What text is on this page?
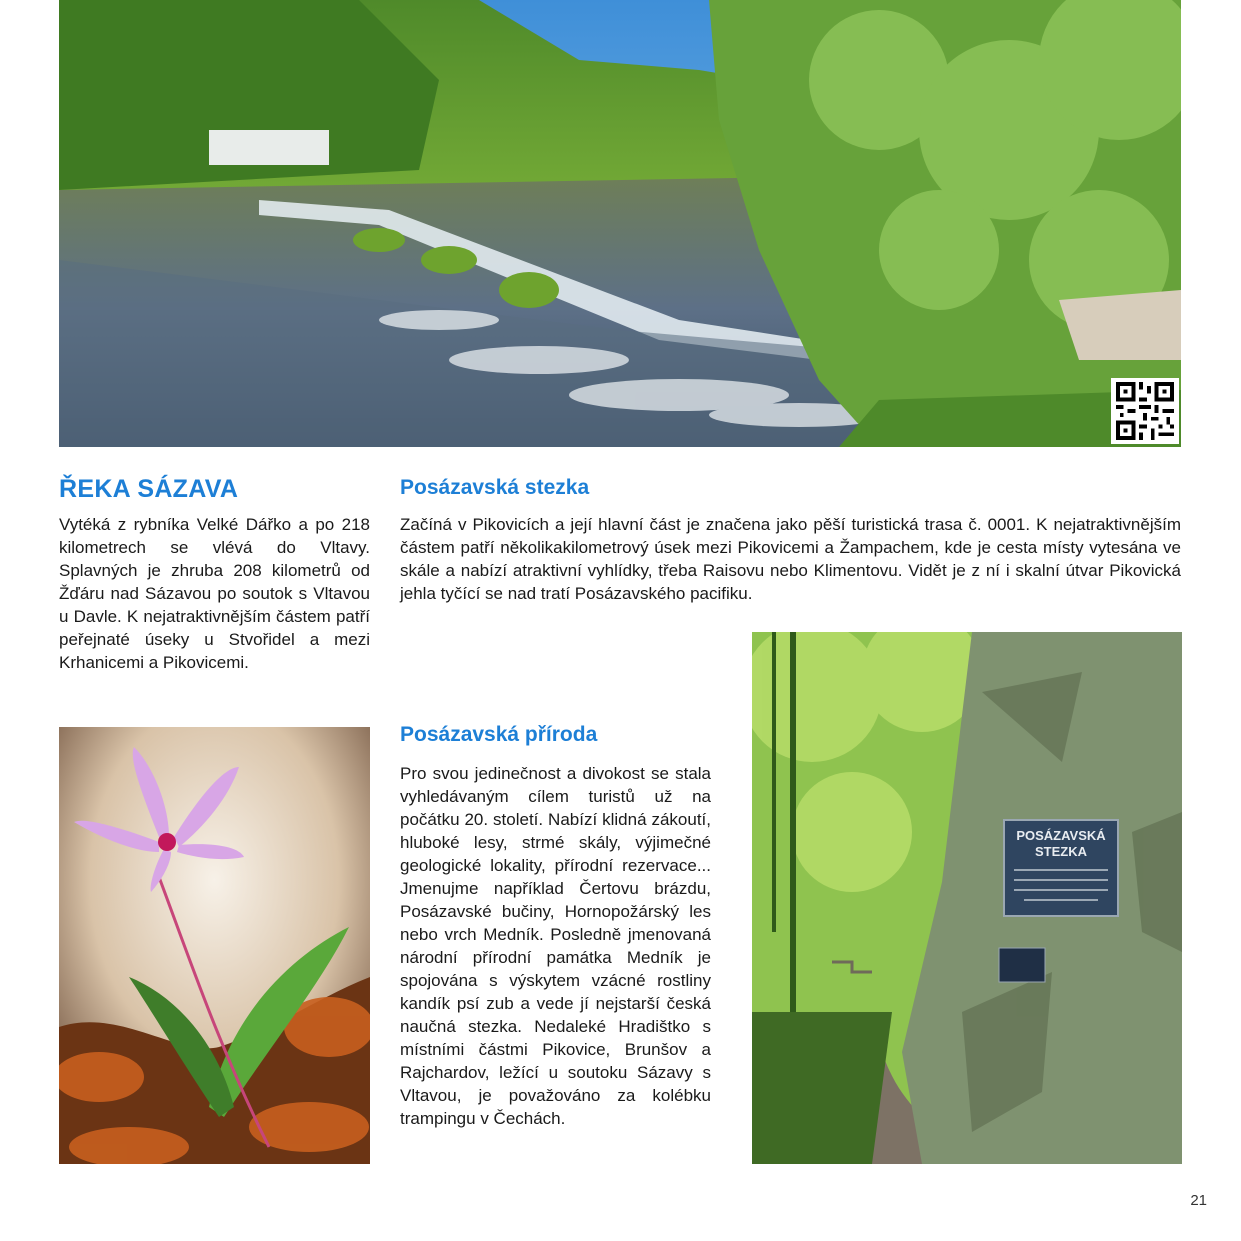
ŘEKA SÁZAVA

Vytéká z rybníka Velké Dářko a po 218 kilometrech se vlévá do Vltavy. Splavných je zhruba 208 kilometrů od Žďáru nad Sázavou po soutok s Vltavou u Davle. K nejatraktivnějším částem patří peřejnaté úseky u Stvořidel a mezi Krhanicemi a Pikovicemi.

Posázavská stezka

Začíná v Pikovicích a její hlavní část je značena jako pěší turistická trasa č. 0001. K nejatraktivnějším částem patří několikakilometrový úsek mezi Pikovicemi a Žampachem, kde je cesta místy vytesána ve skále a nabízí atraktivní vyhlídky, třeba Raisovu nebo Klimentovu. Vidět je z ní i skalní útvar Pikovická jehla tyčící se nad tratí Posázavského pacifiku.

Posázavská příroda

Pro svou jedinečnost a divokost se stala vyhledávaným cílem turistů už na počátku 20. století. Nabízí klidná zákoutí, hluboké lesy, strmé skály, výjimečné geologické lokality, přírodní rezervace... Jmenujme například Čertovu brázdu, Posázavské bučiny, Hornopožárský les nebo vrch Medník. Posledně jmenovaná národní přírodní památka Medník je spojována s výskytem vzácné rostliny kandík psí zub a vede jí nejstarší česká naučná stezka. Nedaleké Hradištko s místními částmi Pikovice, Brunšov a Rajchardov, ležící u soutoku Sázavy s Vltavou, je považováno za kolébku trampingu v Čechách.

POSÁZAVSKÁ
STEZKA
21
